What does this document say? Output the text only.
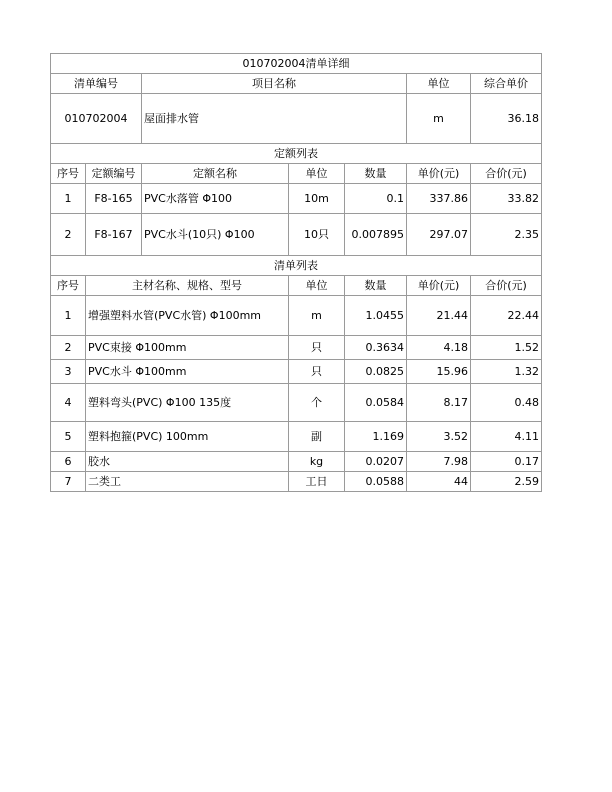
010702004清单详细						
清单编号		项目名称			单位	综合单价
010702004		屋面排水管			m	36.18
定额列表						
序号	定额编号	定额名称	单位	数量	单价(元)	合价(元)
1	F8-165	PVC水落管 Φ100	10m	0.1	337.86	33.82
2	F8-167	PVC水斗(10只) Φ100	10只	0.007895	297.07	2.35
清单列表						
序号	主材名称、规格、型号		单位	数量	单价(元)	合价(元)
1	增强塑料水管(PVC水管) Φ100mm		m	1.0455	21.44	22.44
2	PVC束接 Φ100mm		只	0.3634	4.18	1.52
3	PVC水斗 Φ100mm		只	0.0825	15.96	1.32
4	塑料弯头(PVC) Φ100 135度		个	0.0584	8.17	0.48
5	塑料抱箍(PVC) 100mm		副	1.169	3.52	4.11
6	胶水		kg	0.0207	7.98	0.17
7	二类工		工日	0.0588	44	2.59
